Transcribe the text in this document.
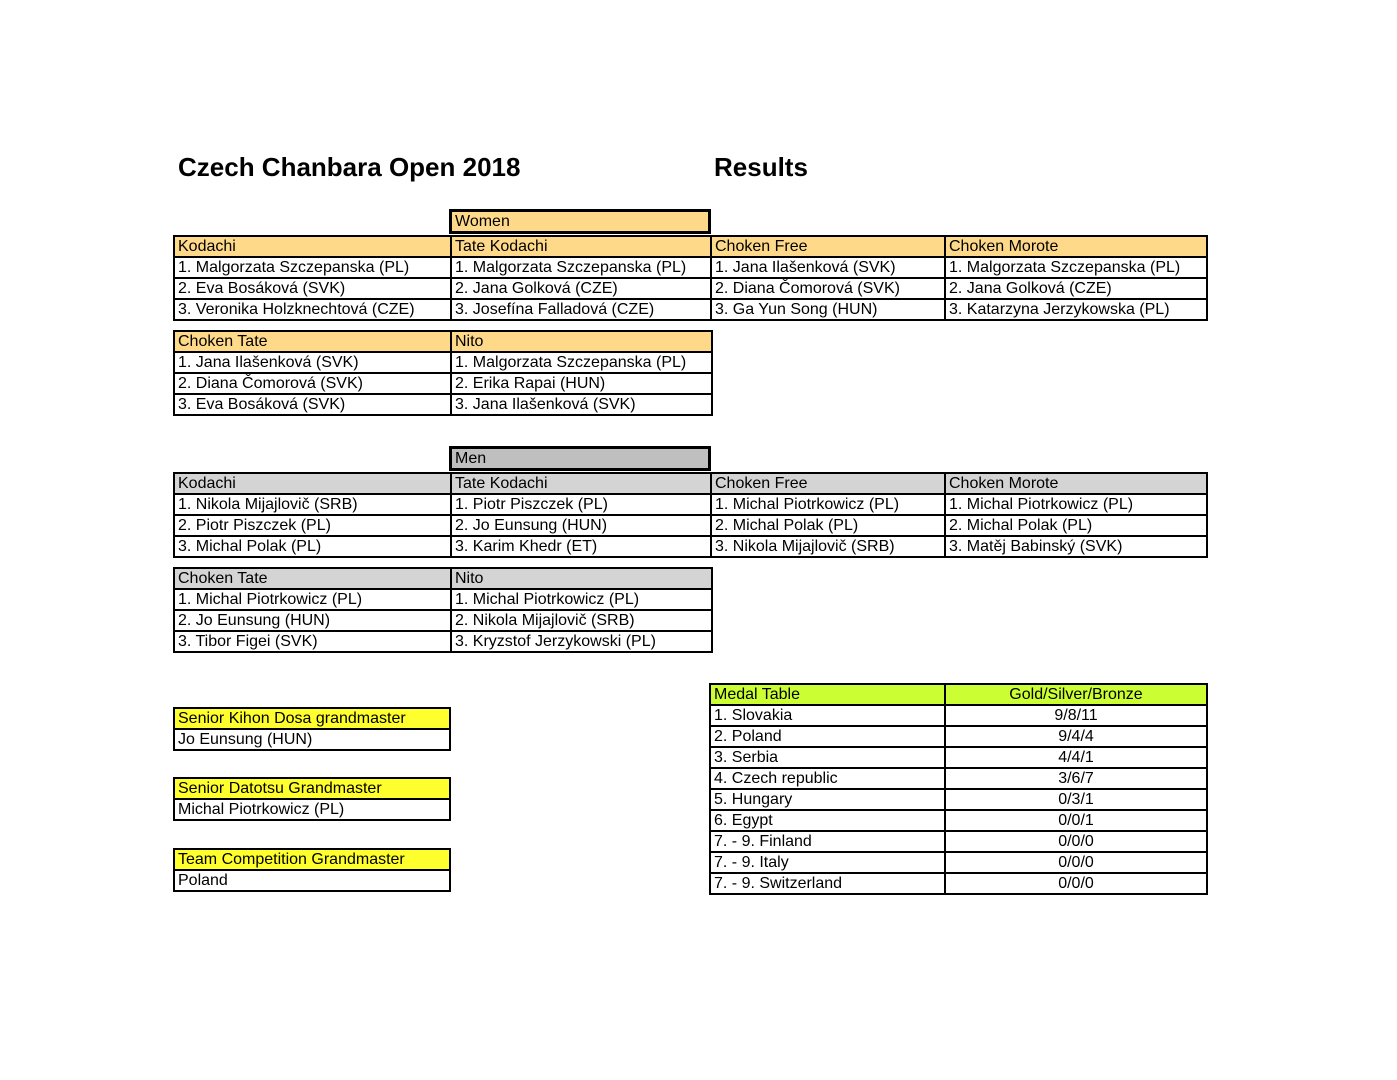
Czech Chanbara Open 2018	Results
Women
Kodachi	Tate Kodachi	Choken Free	Choken Morote
1. Malgorzata Szczepanska (PL)	1. Malgorzata Szczepanska (PL)	1. Jana Ilašenková (SVK)	1. Malgorzata Szczepanska (PL)
2. Eva Bosáková (SVK)	2. Jana Golková (CZE)	2. Diana Čomorová (SVK)	2. Jana Golková (CZE)
3. Veronika Holzknechtová (CZE)	3. Josefína Falladová (CZE)	3. Ga Yun Song (HUN)	3. Katarzyna Jerzykowska (PL)
Choken Tate	Nito
1. Jana Ilašenková (SVK)	1. Malgorzata Szczepanska (PL)
2. Diana Čomorová (SVK)	2. Erika Rapai (HUN)
3. Eva Bosáková (SVK)	3. Jana Ilašenková (SVK)
Men
Kodachi	Tate Kodachi	Choken Free	Choken Morote
1. Nikola Mijajlovič (SRB)	1. Piotr Piszczek (PL)	1. Michal Piotrkowicz (PL)	1. Michal Piotrkowicz (PL)
2. Piotr Piszczek (PL)	2. Jo Eunsung (HUN)	2. Michal Polak (PL)	2. Michal Polak (PL)
3. Michal Polak (PL)	3. Karim Khedr (ET)	3. Nikola Mijajlovič (SRB)	3. Matěj Babinský (SVK)
Choken Tate	Nito
1. Michal Piotrkowicz (PL)	1. Michal Piotrkowicz (PL)
2. Jo Eunsung (HUN)	2. Nikola Mijajlovič (SRB)
3. Tibor Figei (SVK)	3. Kryzstof Jerzykowski (PL)
Senior Kihon Dosa grandmaster
Jo Eunsung (HUN)
Senior Datotsu Grandmaster
Michal Piotrkowicz (PL)
Team Competition Grandmaster
Poland
Medal Table	Gold/Silver/Bronze
1. Slovakia	9/8/11
2. Poland	9/4/4
3. Serbia	4/4/1
4. Czech republic	3/6/7
5. Hungary	0/3/1
6. Egypt	0/0/1
7. - 9. Finland	0/0/0
7. - 9. Italy	0/0/0
7. - 9. Switzerland	0/0/0
